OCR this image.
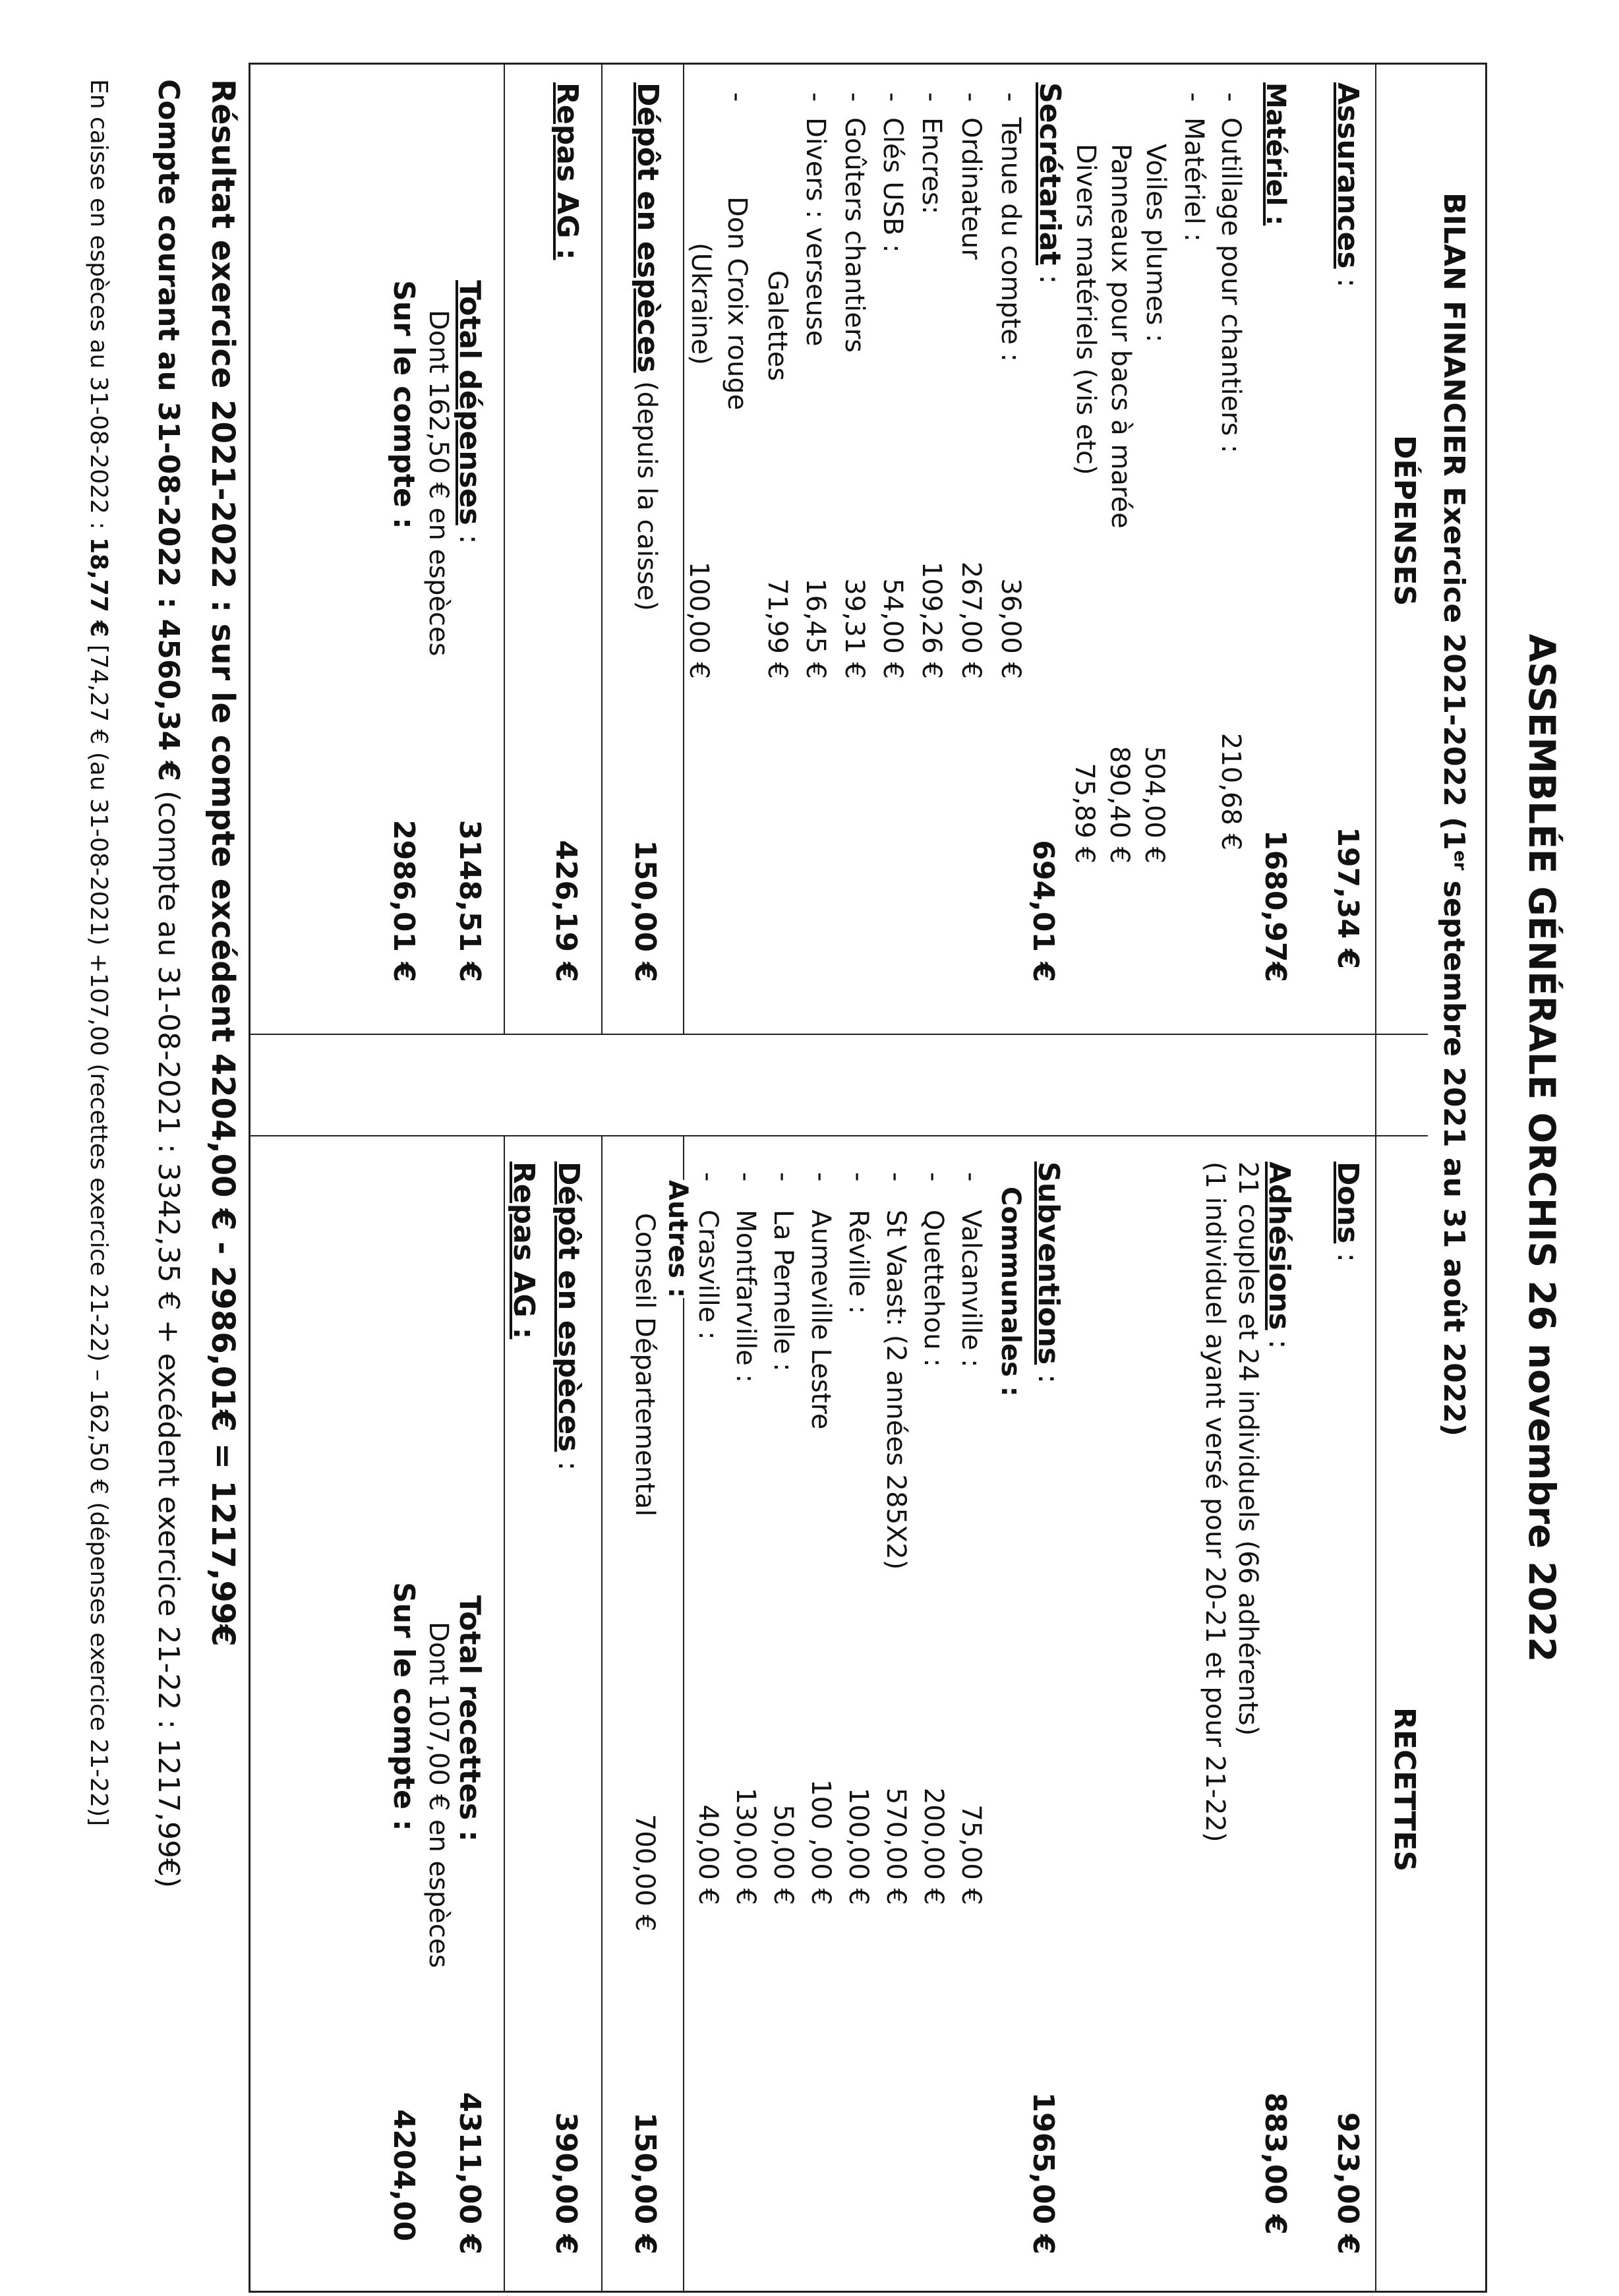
ASSEMBLÉE GÉNÉRALE ORCHIS 26 novembre 2022
BILAN FINANCIER Exercice 2021-2022 (1er septembre 2021 au 31 août 2022)
DÉPENSES
RECETTES
Assurances :
197,34 €
Matériel :
1680,97€
-
Outillage pour chantiers :
210,68 €
-
Matériel :
Voiles plumes :
504,00 €
Panneaux pour bacs à marée
890,40 €
Divers matériels (vis etc)
75,89 €
Secrétariat :
694,01 €
-
Tenue du compte :
36,00 €
-
Ordinateur
267,00 €
-
Encres:
109,26 €
-
Clés USB :
54,00 €
-
Goûters chantiers
39,31 €
-
Divers : verseuse
16,45 €
Galettes
71,99 €
-
Don Croix rouge
(Ukraine)
100,00 €
Dépôt en espèces (depuis la caisse)
150,00 €
Repas AG :
426,19 €
Total dépenses :
3148,51 €
Dont 162,50 € en espèces
Sur le compte :
2986,01 €
Dons :
923,00 €
Adhésions :
883,00 €
21 couples et 24 individuels (66 adhérents)
(1 individuel ayant versé pour 20-21 et pour 21-22)
Subventions :
1965,00 €
Communales :
-
Valcanville :
75,00 €
-
Quettehou :
200,00 €
-
St Vaast: (2 années 285X2)
570,00 €
-
Réville :
100,00 €
-
Aumeville Lestre
100 ,00 €
-
La Pernelle :
50,00 €
-
Montfarville :
130,00 €
-
Crasville :
40,00 €
Autres :
Conseil Départemental
700,00 €
Dépôt en espèces :
150,00 €
Repas AG :
390,00 €
Total recettes :
4311,00 €
Dont 107,00 € en espèces
Sur le compte :
4204,00
Résultat exercice 2021-2022 : sur le compte excédent 4204,00 € - 2986,01€ = 1217,99€
Compte courant au 31-08-2022 : 4560,34 € (compte au 31-08-2021 : 3342,35 € + excédent exercice 21-22 : 1217,99€)
En caisse en espèces au 31-08-2022 : 18,77 € [74,27 € (au 31-08-2021) +107,00 (recettes exercice 21-22) – 162,50 € (dépenses exercice 21-22)]
